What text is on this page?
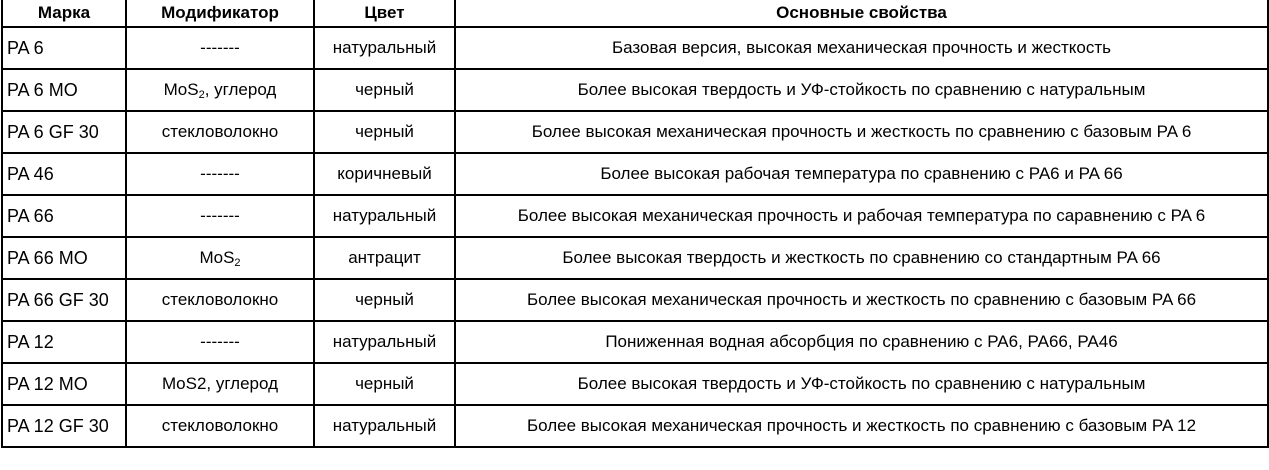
Марка	Модификатор	Цвет	Основные свойства
PA 6	-------	натуральный	Базовая версия, высокая механическая прочность и жесткость
PA 6 MO	MoS$_2$, углерод	черный	Более высокая твердость и УФ-стойкость по сравнению с натуральным
PA 6 GF 30	стекловолокно	черный	Более высокая механическая прочность и жесткость по сравнению с базовым PA 6
PA 46	-------	коричневый	Более высокая рабочая температура по сравнению с PA6 и PA 66
PA 66	-------	натуральный	Более высокая механическая прочность и рабочая температура по саравнению с PA 6
PA 66 MO	MoS$_2$	антрацит	Более высокая твердость и жесткость по сравнению со стандартным PA 66
PA 66 GF 30	стекловолокно	черный	Более высокая механическая прочность и жесткость по сравнению с базовым PA 66
PA 12	-------	натуральный	Пониженная водная абсорбция по сравнению с PA6, PA66, PA46
PA 12 MO	MoS2, углерод	черный	Более высокая твердость и УФ-стойкость по сравнению с натуральным
PA 12 GF 30	стекловолокно	натуральный	Более высокая механическая прочность и жесткость по сравнению с базовым PA 12
